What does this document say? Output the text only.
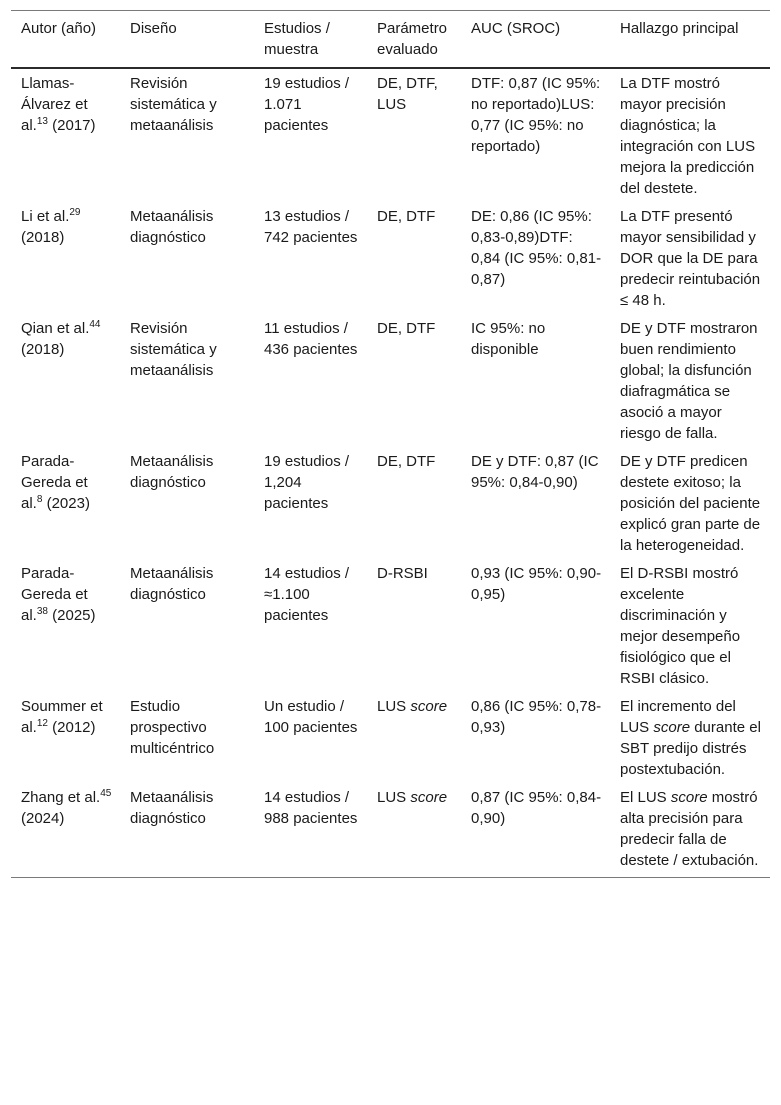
Autor (año)	Diseño	Estudios / muestra	Parámetro evaluado	AUC (SROC)	Hallazgo principal
Llamas-Álvarez et al.$^{13}$ (2017)	Revisión sistemática y metaanálisis	19 estudios / 1.071 pacientes	DE, DTF, LUS	DTF: 0,87 (IC 95%: no reportado)LUS: 0,77 (IC 95%: no reportado)	La DTF mostró mayor precisión diagnóstica; la integración con LUS mejora la predicción del destete.
Li et al.$^{29}$ (2018)	Metaanálisis diagnóstico	13 estudios / 742 pacientes	DE, DTF	DE: 0,86 (IC 95%: 0,83-0,89)DTF: 0,84 (IC 95%: 0,81-0,87)	La DTF presentó mayor sensibilidad y DOR que la DE para predecir reintubación ≤ 48 h.
Qian et al.$^{44}$ (2018)	Revisión sistemática y metaanálisis	11 estudios / 436 pacientes	DE, DTF	IC 95%: no disponible	DE y DTF mostraron buen rendimiento global; la disfunción diafragmática se asoció a mayor riesgo de falla.
Parada-Gereda et al.$^8$ (2023)	Metaanálisis diagnóstico	19 estudios / 1,204 pacientes	DE, DTF	DE y DTF: 0,87 (IC 95%: 0,84-0,90)	DE y DTF predicen destete exitoso; la posición del paciente explicó gran parte de la heterogeneidad.
Parada-Gereda et al.$^{38}$ (2025)	Metaanálisis diagnóstico	14 estudios / ≈1.100 pacientes	D-RSBI	0,93 (IC 95%: 0,90-0,95)	El D-RSBI mostró excelente discriminación y mejor desempeño fisiológico que el RSBI clásico.
Soummer et al.$^{12}$ (2012)	Estudio prospectivo multicéntrico	Un estudio / 100 pacientes	LUS score	0,86 (IC 95%: 0,78-0,93)	El incremento del LUS score durante el SBT predijo distrés postextubación.
Zhang et al.$^{45}$ (2024)	Metaanálisis diagnóstico	14 estudios / 988 pacientes	LUS score	0,87 (IC 95%: 0,84-0,90)	El LUS score mostró alta precisión para predecir falla de destete / extubación.
